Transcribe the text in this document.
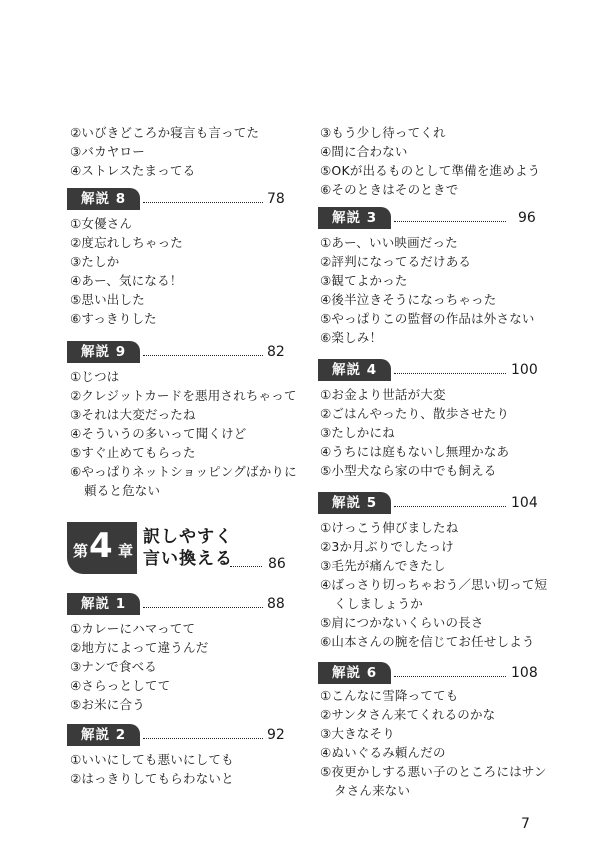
②いびきどころか寝言も言ってた
③バカヤロー
④ストレスたまってる
解説 8	78
①女優さん
②度忘れしちゃった
③たしか
④あー、気になる！
⑤思い出した
⑥すっきりした
解説 9	82
①じつは
②クレジットカードを悪用されちゃって
③それは大変だったね
④そういうの多いって聞くけど
⑤すぐ止めてもらった
⑥やっぱりネットショッピングばかりに
頼ると危ない
第 4 章
訳しやすく
言い換える	86
解説 1	88
①カレーにハマってて
②地方によって違うんだ
③ナンで食べる
④さらっとしてて
⑤お米に合う
解説 2	92
①いいにしても悪いにしても
②はっきりしてもらわないと
③もう少し待ってくれ
④間に合わない
⑤OKが出るものとして準備を進めよう
⑥そのときはそのときで
解説 3	96
①あー、いい映画だった
②評判になってるだけある
③観てよかった
④後半泣きそうになっちゃった
⑤やっぱりこの監督の作品は外さない
⑥楽しみ！
解説 4	100
①お金より世話が大変
②ごはんやったり、散歩させたり
③たしかにね
④うちには庭もないし無理かなあ
⑤小型犬なら家の中でも飼える
解説 5	104
①けっこう伸びましたね
②3か月ぶりでしたっけ
③毛先が痛んできたし
④ばっさり切っちゃおう／思い切って短
くしましょうか
⑤肩につかないくらいの長さ
⑥山本さんの腕を信じてお任せしよう
解説 6	108
①こんなに雪降ってても
②サンタさん来てくれるのかな
③大きなそり
④ぬいぐるみ頼んだの
⑤夜更かしする悪い子のところにはサン
タさん来ない
7
